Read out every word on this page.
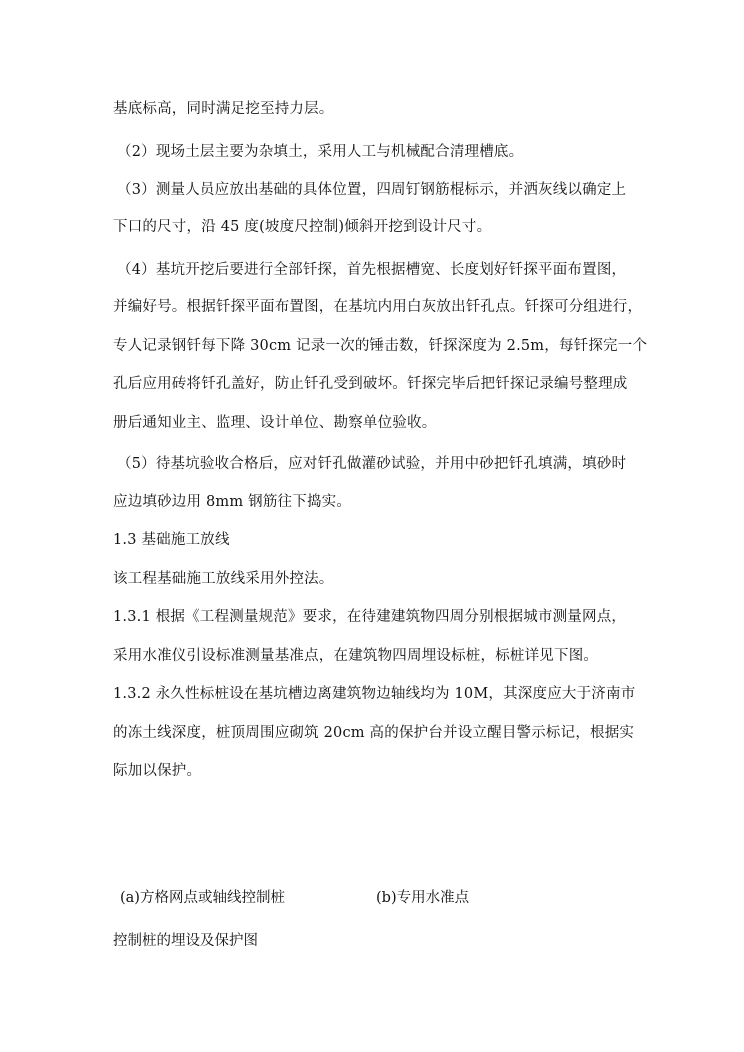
基底标高，同时满足挖至持力层。
（2）现场土层主要为杂填土，采用人工与机械配合清理槽底。
（3）测量人员应放出基础的具体位置，四周钉钢筋棍标示，并洒灰线以确定上
下口的尺寸，沿 45 度(坡度尺控制)倾斜开挖到设计尺寸。
（4）基坑开挖后要进行全部钎探，首先根据槽宽、长度划好钎探平面布置图，
并编好号。根据钎探平面布置图，在基坑内用白灰放出钎孔点。钎探可分组进行，
专人记录钢钎每下降 30cm 记录一次的锤击数，钎探深度为 2.5m，每钎探完一个
孔后应用砖将钎孔盖好，防止钎孔受到破坏。钎探完毕后把钎探记录编号整理成
册后通知业主、监理、设计单位、勘察单位验收。
（5）待基坑验收合格后，应对钎孔做灌砂试验，并用中砂把钎孔填满，填砂时
应边填砂边用 8mm 钢筋往下捣实。
1.3 基础施工放线
该工程基础施工放线采用外控法。
1.3.1 根据《工程测量规范》要求，在待建建筑物四周分别根据城市测量网点，
采用水准仪引设标准测量基准点，在建筑物四周埋设标桩，标桩详见下图。
1.3.2 永久性标桩设在基坑槽边离建筑物边轴线均为 10M，其深度应大于济南市
的冻土线深度，桩顶周围应砌筑 20cm 高的保护台并设立醒目警示标记，根据实
际加以保护。
(a)方格网点或轴线控制桩	(b)专用水准点
控制桩的埋设及保护图
